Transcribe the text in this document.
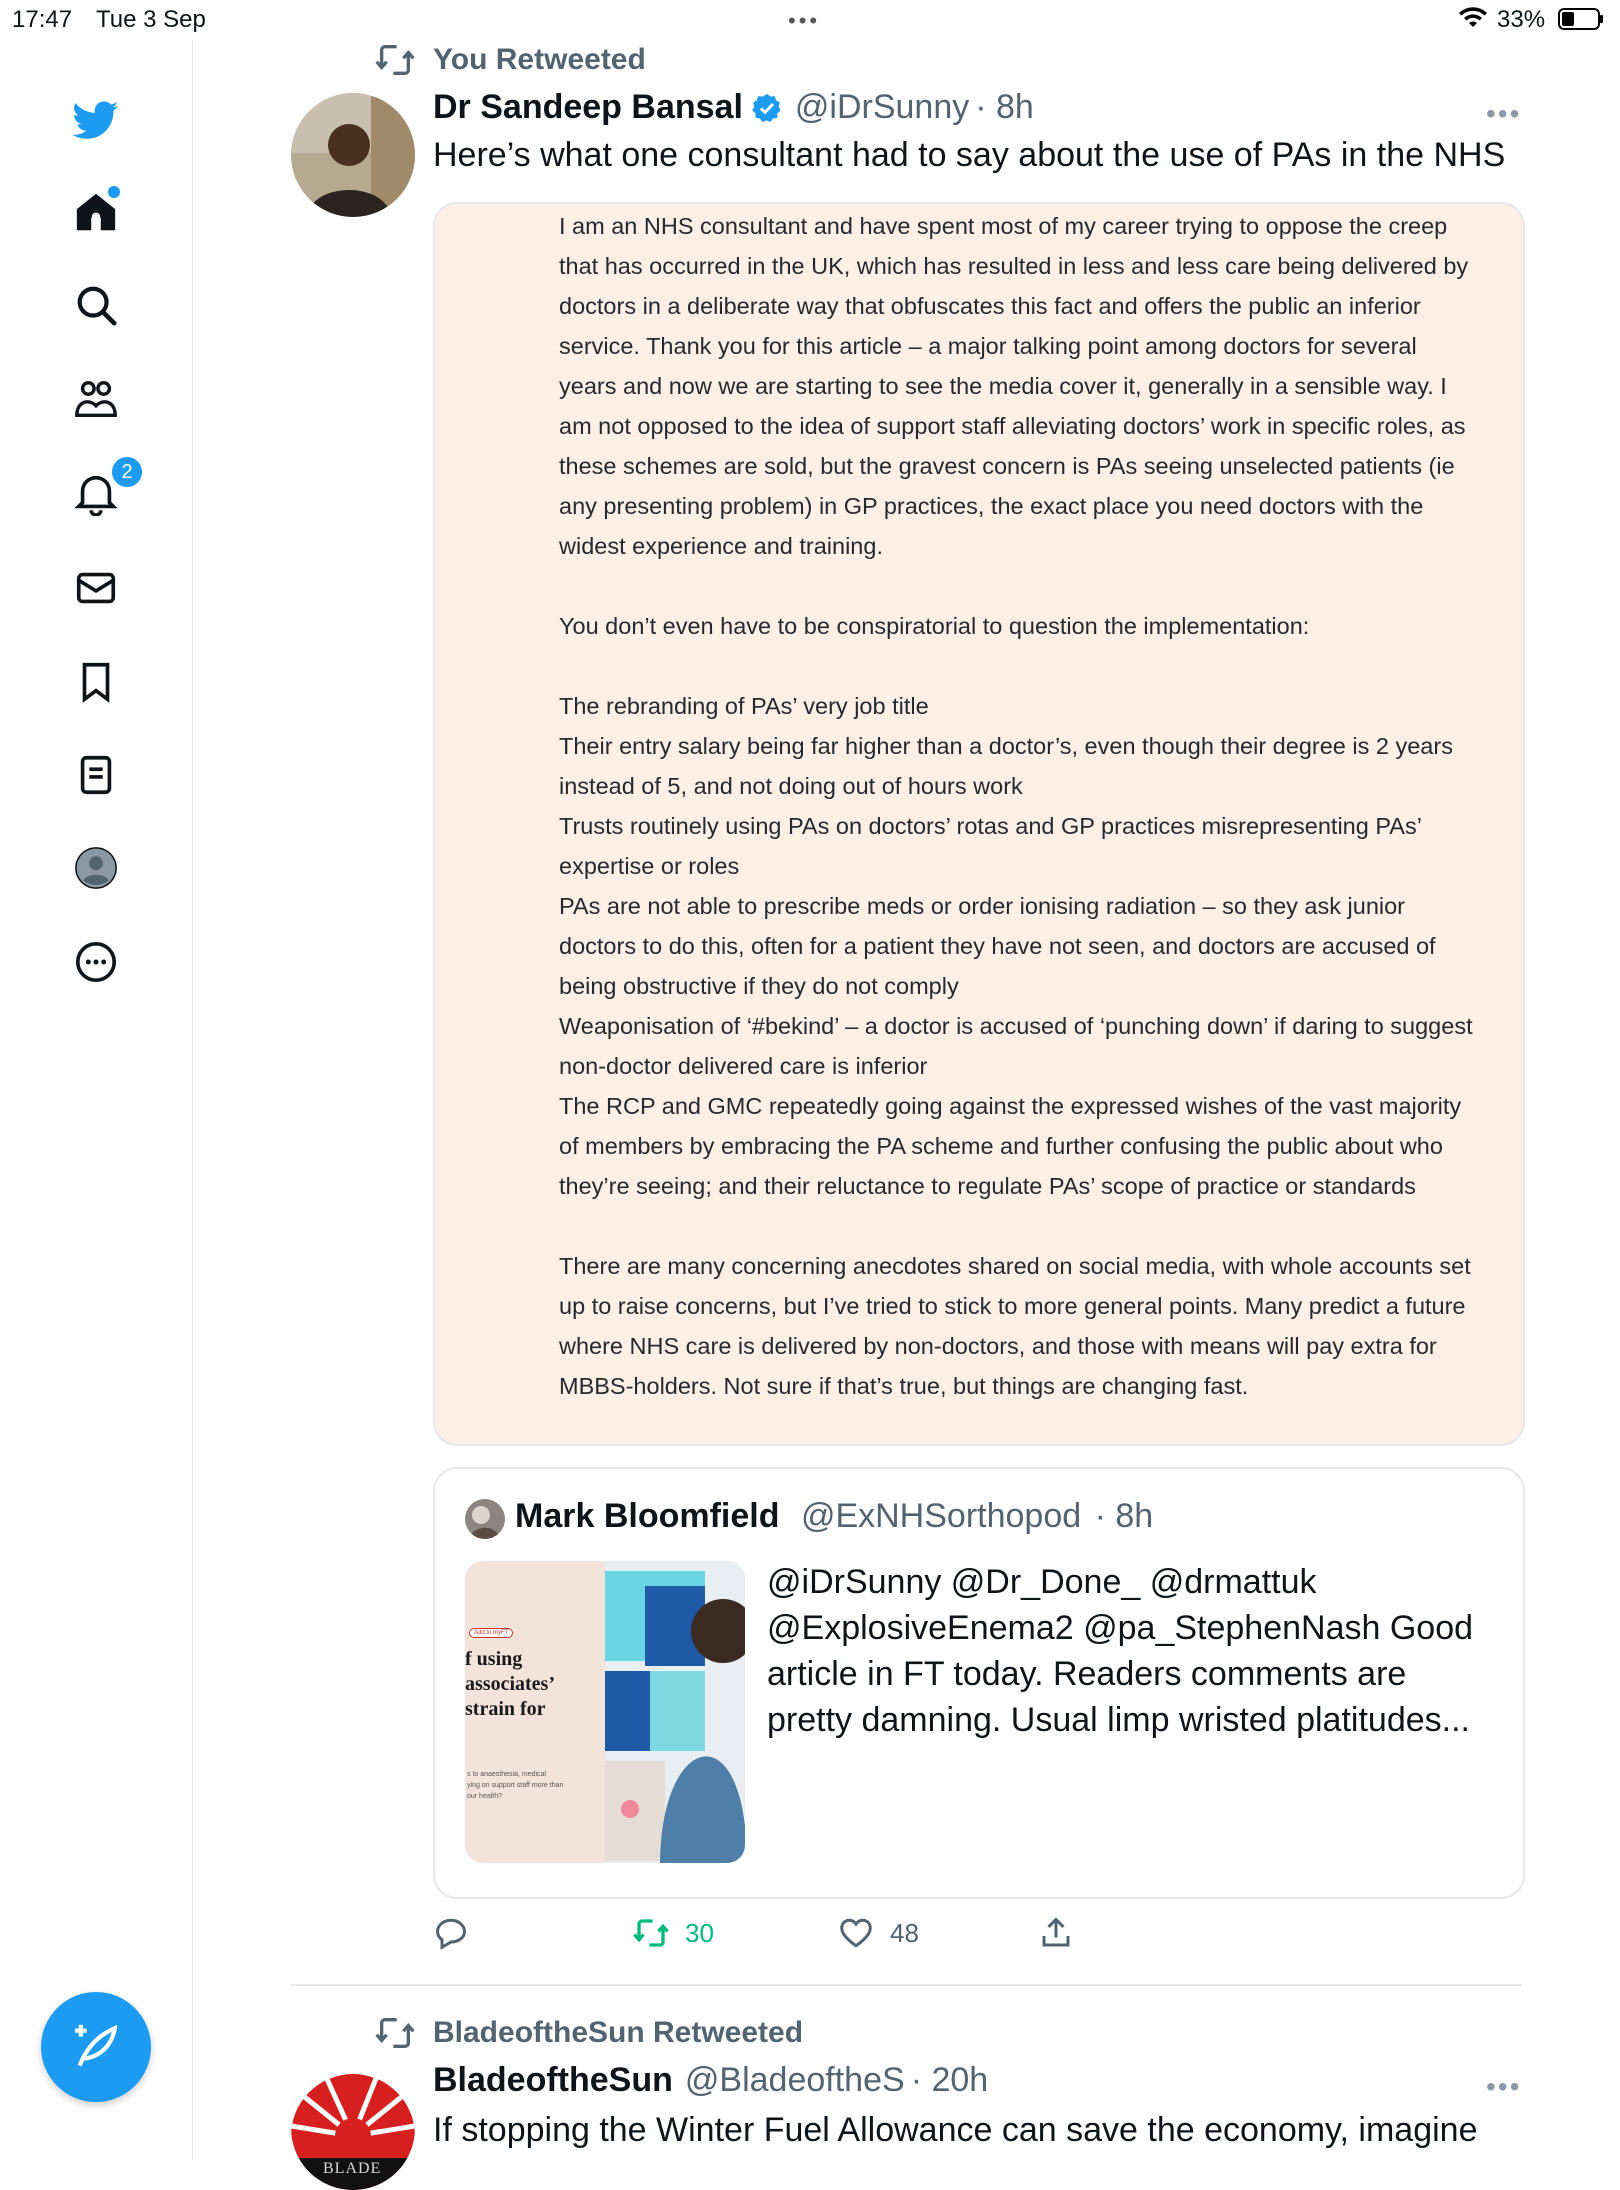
17:47 Tue 3 Sep	•••	33%
2
You Retweeted
Dr Sandeep Bansal @iDrSunny · 8h	•••
Here’s what one consultant had to say about the use of PAs in the NHS

I am an NHS consultant and have spent most of my career trying to oppose the creep that has occurred in the UK, which has resulted in less and less care being delivered by doctors in a deliberate way that obfuscates this fact and offers the public an inferior service. Thank you for this article – a major talking point among doctors for several years and now we are starting to see the media cover it, generally in a sensible way. I am not opposed to the idea of support staff alleviating doctors’ work in specific roles, as these schemes are sold, but the gravest concern is PAs seeing unselected patients (ie any presenting problem) in GP practices, the exact place you need doctors with the widest experience and training.

You don’t even have to be conspiratorial to question the implementation:

The rebranding of PAs’ very job title

Their entry salary being far higher than a doctor’s, even though their degree is 2 years instead of 5, and not doing out of hours work

Trusts routinely using PAs on doctors’ rotas and GP practices misrepresenting PAs’ expertise or roles

PAs are not able to prescribe meds or order ionising radiation – so they ask junior doctors to do this, often for a patient they have not seen, and doctors are accused of being obstructive if they do not comply

Weaponisation of ‘#bekind’ – a doctor is accused of ‘punching down’ if daring to suggest non-doctor delivered care is inferior

The RCP and GMC repeatedly going against the expressed wishes of the vast majority of members by embracing the PA scheme and further confusing the public about who they’re seeing; and their reluctance to regulate PAs’ scope of practice or standards

There are many concerning anecdotes shared on social media, with whole accounts set up to raise concerns, but I’ve tried to stick to more general points. Many predict a future where NHS care is delivered by non-doctors, and those with means will pay extra for MBBS-holders. Not sure if that’s true, but things are changing fast.

Mark Bloomfield @ExNHSorthopod · 8h
Add to myFT
f using
associates’
strain for
s to anaesthesia, medical
ying on support staff more than
our health?
@iDrSunny @Dr_Done_ @drmattuk @ExplosiveEnema2 @pa_StephenNash Good article in FT today. Readers comments are pretty damning. Usual limp wristed platitudes...
30	48
BladeoftheSun Retweeted
BLADE
BladeoftheSun @BladeoftheS · 20h	•••
If stopping the Winter Fuel Allowance can save the economy, imagine
